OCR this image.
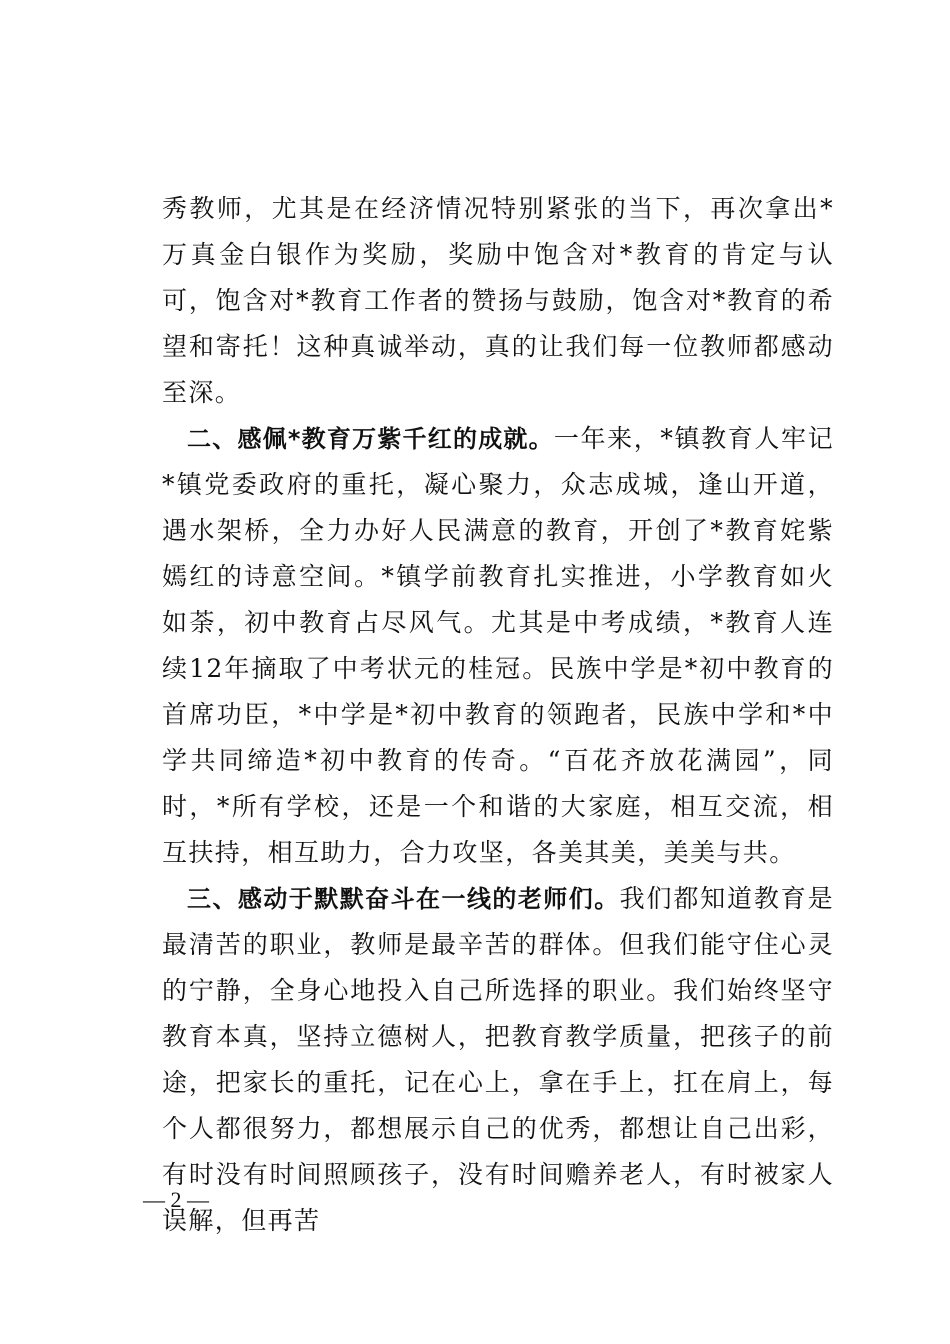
秀教师，尤其是在经济情况特别紧张的当下，再次拿出*万真金白银作为奖励，奖励中饱含对*教育的肯定与认可，饱含对*教育工作者的赞扬与鼓励，饱含对*教育的希望和寄托！这种真诚举动，真的让我们每一位教师都感动至深。

二、感佩*教育万紫千红的成就。一年来，*镇教育人牢记*镇党委政府的重托，凝心聚力，众志成城，逢山开道，遇水架桥，全力办好人民满意的教育，开创了*教育姹紫嫣红的诗意空间。*镇学前教育扎实推进，小学教育如火如荼，初中教育占尽风气。尤其是中考成绩，*教育人连续12年摘取了中考状元的桂冠。民族中学是*初中教育的首席功臣，*中学是*初中教育的领跑者，民族中学和*中学共同缔造*初中教育的传奇。“百花齐放花满园”，同时，*所有学校，还是一个和谐的大家庭，相互交流，相互扶持，相互助力，合力攻坚，各美其美，美美与共。

三、感动于默默奋斗在一线的老师们。我们都知道教育是最清苦的职业，教师是最辛苦的群体。但我们能守住心灵的宁静，全身心地投入自己所选择的职业。我们始终坚守教育本真，坚持立德树人，把教育教学质量，把孩子的前途，把家长的重托，记在心上，拿在手上，扛在肩上，每个人都很努力，都想展示自己的优秀，都想让自己出彩，有时没有时间照顾孩子，没有时间赡养老人，有时被家人误解，但再苦

— 2 —
